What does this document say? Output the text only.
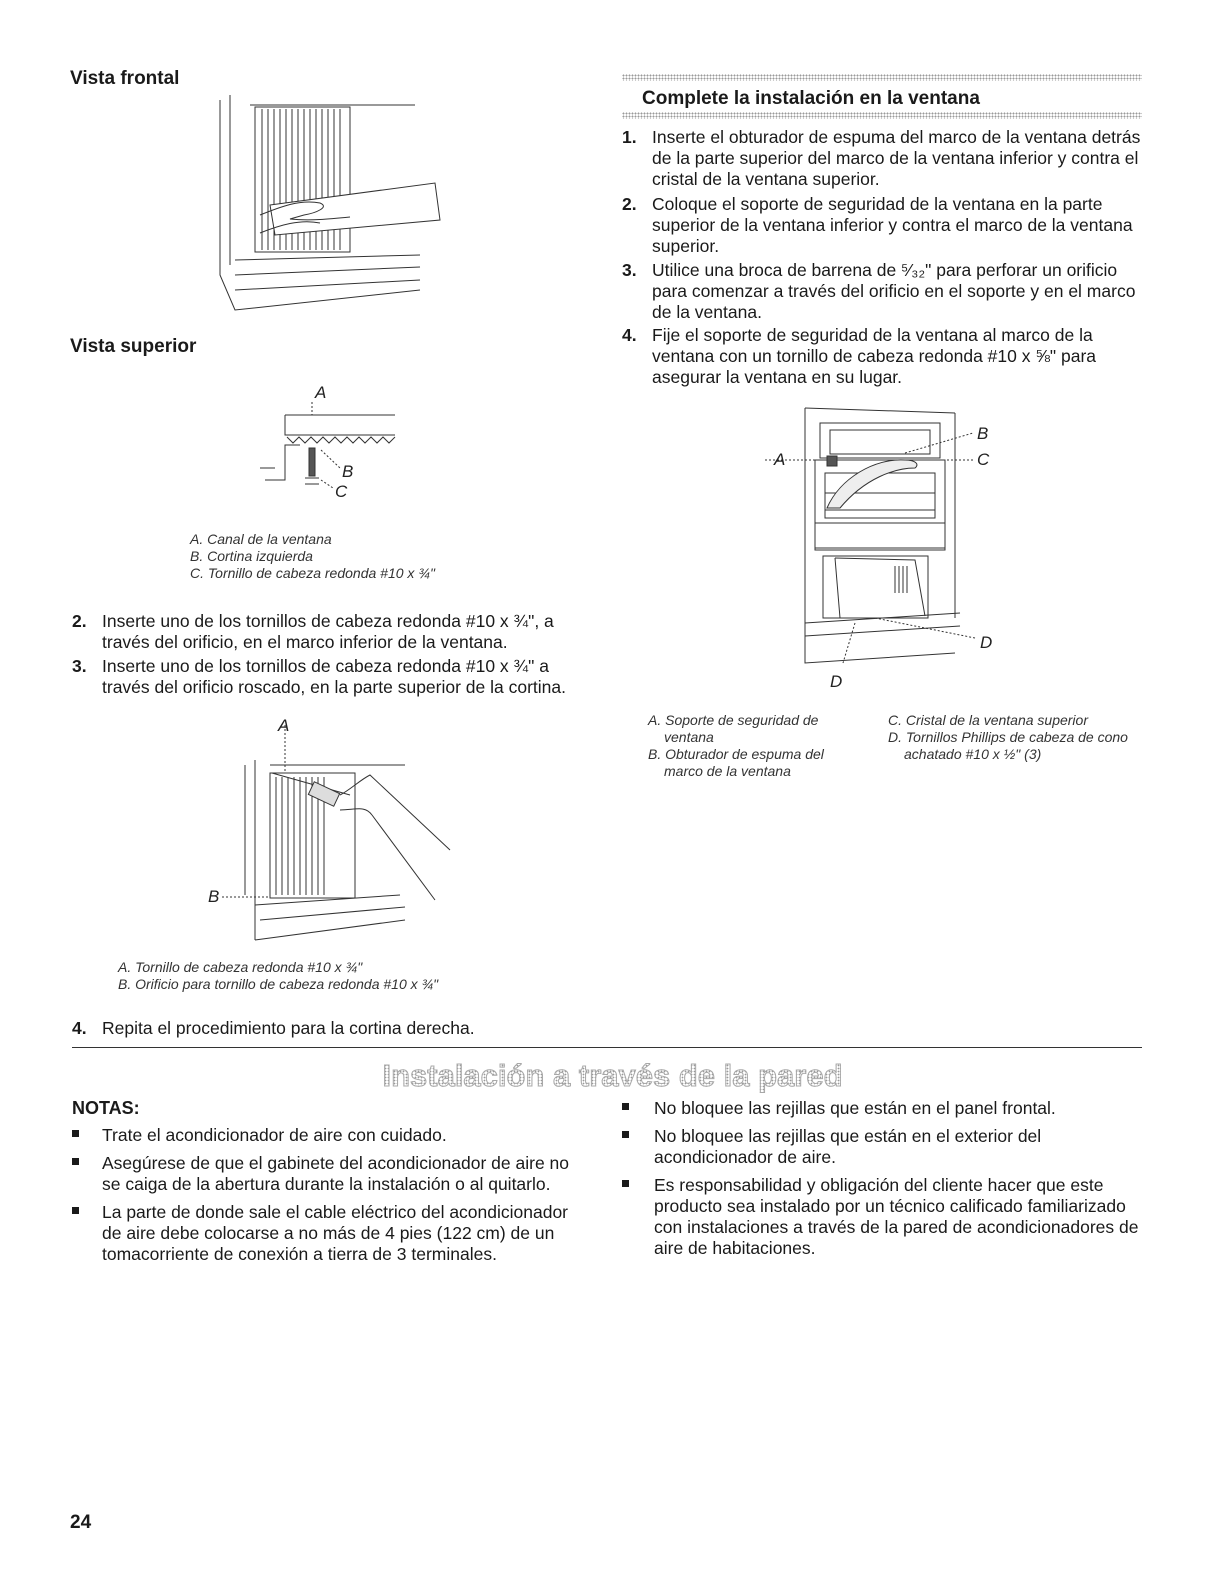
Vista frontal
Vista superior
A
B
C
A. Canal de la ventana
B. Cortina izquierda
C. Tornillo de cabeza redonda #10 x ¾"
2. Inserte uno de los tornillos de cabeza redonda #10 x ¾", a través del orificio, en el marco inferior de la ventana.
3. Inserte uno de los tornillos de cabeza redonda #10 x ¾" a través del orificio roscado, en la parte superior de la cortina.
A
B
A. Tornillo de cabeza redonda #10 x ¾"
B. Orificio para tornillo de cabeza redonda #10 x ¾"
4. Repita el procedimiento para la cortina derecha.
Complete la instalación en la ventana
1. Inserte el obturador de espuma del marco de la ventana detrás de la parte superior del marco de la ventana inferior y contra el cristal de la ventana superior.
2. Coloque el soporte de seguridad de la ventana en la parte superior de la ventana inferior y contra el marco de la ventana superior.
3. Utilice una broca de barrena de ⁵⁄₃₂" para perforar un orificio para comenzar a través del orificio en el soporte y en el marco de la ventana.
4. Fije el soporte de seguridad de la ventana al marco de la ventana con un tornillo de cabeza redonda #10 x ⅝" para asegurar la ventana en su lugar.
A
B
C
D
D
A. Soporte de seguridad de ventana
B. Obturador de espuma del marco de la ventana
C. Cristal de la ventana superior
D. Tornillos Phillips de cabeza de cono achatado #10 x ½" (3)
Instalación a través de la pared
NOTAS:
Trate el acondicionador de aire con cuidado.
Asegúrese de que el gabinete del acondicionador de aire no se caiga de la abertura durante la instalación o al quitarlo.
La parte de donde sale el cable eléctrico del acondicionador de aire debe colocarse a no más de 4 pies (122 cm) de un tomacorriente de conexión a tierra de 3 terminales.
No bloquee las rejillas que están en el panel frontal.
No bloquee las rejillas que están en el exterior del acondicionador de aire.
Es responsabilidad y obligación del cliente hacer que este producto sea instalado por un técnico calificado familiarizado con instalaciones a través de la pared de acondicionadores de aire de habitaciones.
24
